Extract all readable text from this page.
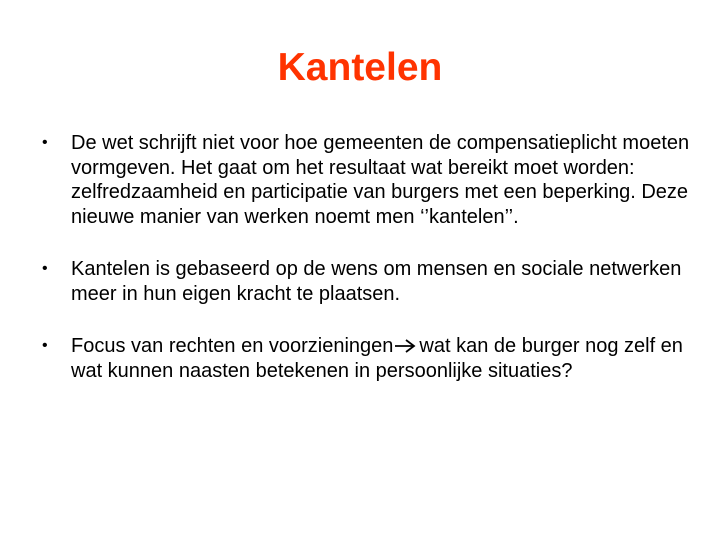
Kantelen
•	De wet schrijft niet voor hoe gemeenten de compensatieplicht moeten vormgeven. Het gaat om het resultaat wat bereikt moet worden: zelfredzaamheid en participatie van burgers met een beperking. Deze nieuwe manier van werken noemt men ‘’kantelen’’.
•	Kantelen is gebaseerd op de wens om mensen en sociale netwerken meer in hun eigen kracht te plaatsen.
•	Focus van rechten en voorzieningen wat kan de burger nog zelf en wat kunnen naasten betekenen in persoonlijke situaties?
